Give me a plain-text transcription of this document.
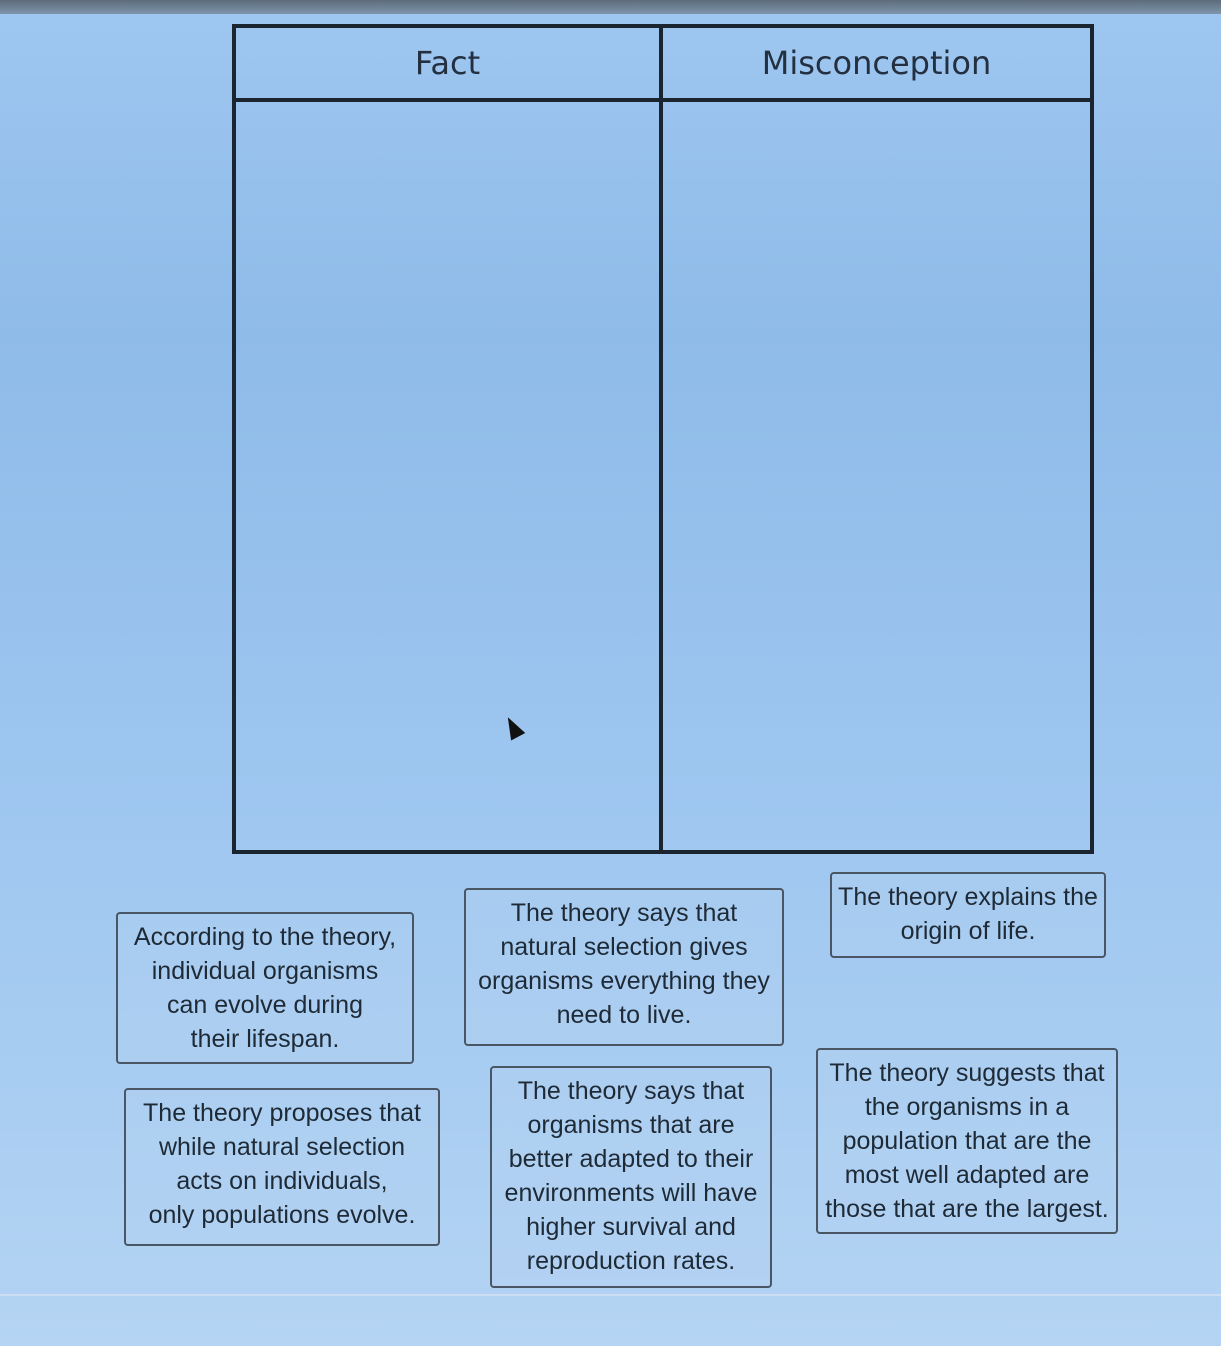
Fact	Misconception
According to the theory,
individual organisms
can evolve during
their lifespan.
The theory says that
natural selection gives
organisms everything they
need to live.
The theory explains the
origin of life.
The theory proposes that
while natural selection
acts on individuals,
only populations evolve.
The theory says that
organisms that are
better adapted to their
environments will have
higher survival and
reproduction rates.
The theory suggests that
the organisms in a
population that are the
most well adapted are
those that are the largest.
